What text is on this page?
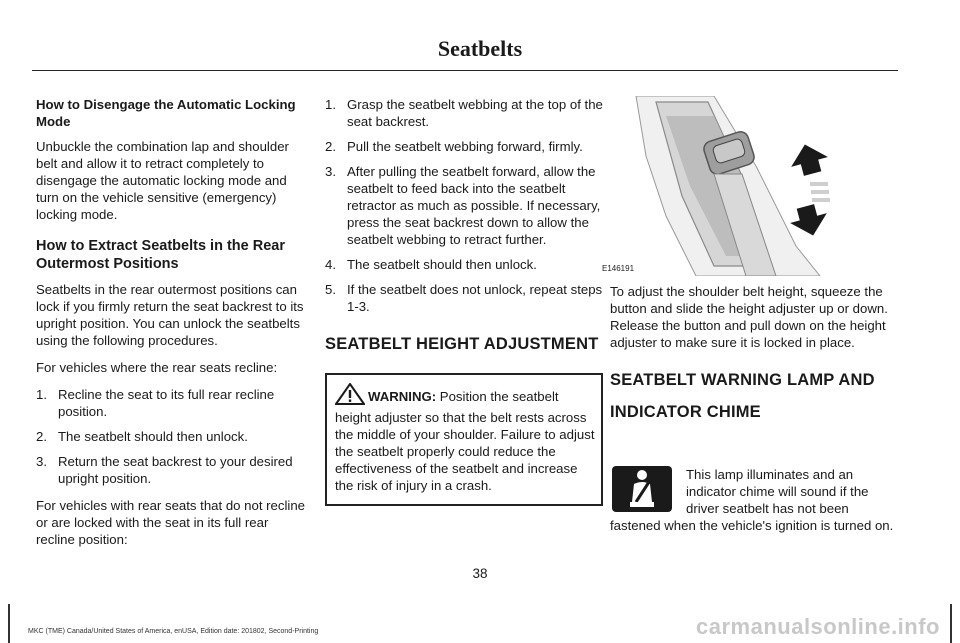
Seatbelts

How to Disengage the Automatic Locking Mode

Unbuckle the combination lap and shoulder belt and allow it to retract completely to disengage the automatic locking mode and turn on the vehicle sensitive (emergency) locking mode.

How to Extract Seatbelts in the Rear Outermost Positions

Seatbelts in the rear outermost positions can lock if you firmly return the seat backrest to its upright position. You can unlock the seatbelts using the following procedures.

For vehicles where the rear seats recline:

1. Recline the seat to its full rear recline position.
2. The seatbelt should then unlock.
3. Return the seat backrest to your desired upright position.

For vehicles with rear seats that do not recline or are locked with the seat in its full rear recline position:

1. Grasp the seatbelt webbing at the top of the seat backrest.
2. Pull the seatbelt webbing forward, firmly.
3. After pulling the seatbelt forward, allow the seatbelt to feed back into the seatbelt retractor as much as possible. If necessary, press the seat backrest down to allow the seatbelt webbing to retract further.
4. The seatbelt should then unlock.
5. If the seatbelt does not unlock, repeat steps 1-3.

SEATBELT HEIGHT ADJUSTMENT

WARNING: Position the seatbelt height adjuster so that the belt rests across the middle of your shoulder. Failure to adjust the seatbelt properly could reduce the effectiveness of the seatbelt and increase the risk of injury in a crash.
E146191

To adjust the shoulder belt height, squeeze the button and slide the height adjuster up or down. Release the button and pull down on the height adjuster to make sure it is locked in place.

SEATBELT WARNING LAMP AND

INDICATOR CHIME

This lamp illuminates and an indicator chime will sound if the driver seatbelt has not been
fastened when the vehicle's ignition is turned on.
38
MKC (TME) Canada/United States of America, enUSA, Edition date: 201802, Second-Printing	carmanualsonline.info
